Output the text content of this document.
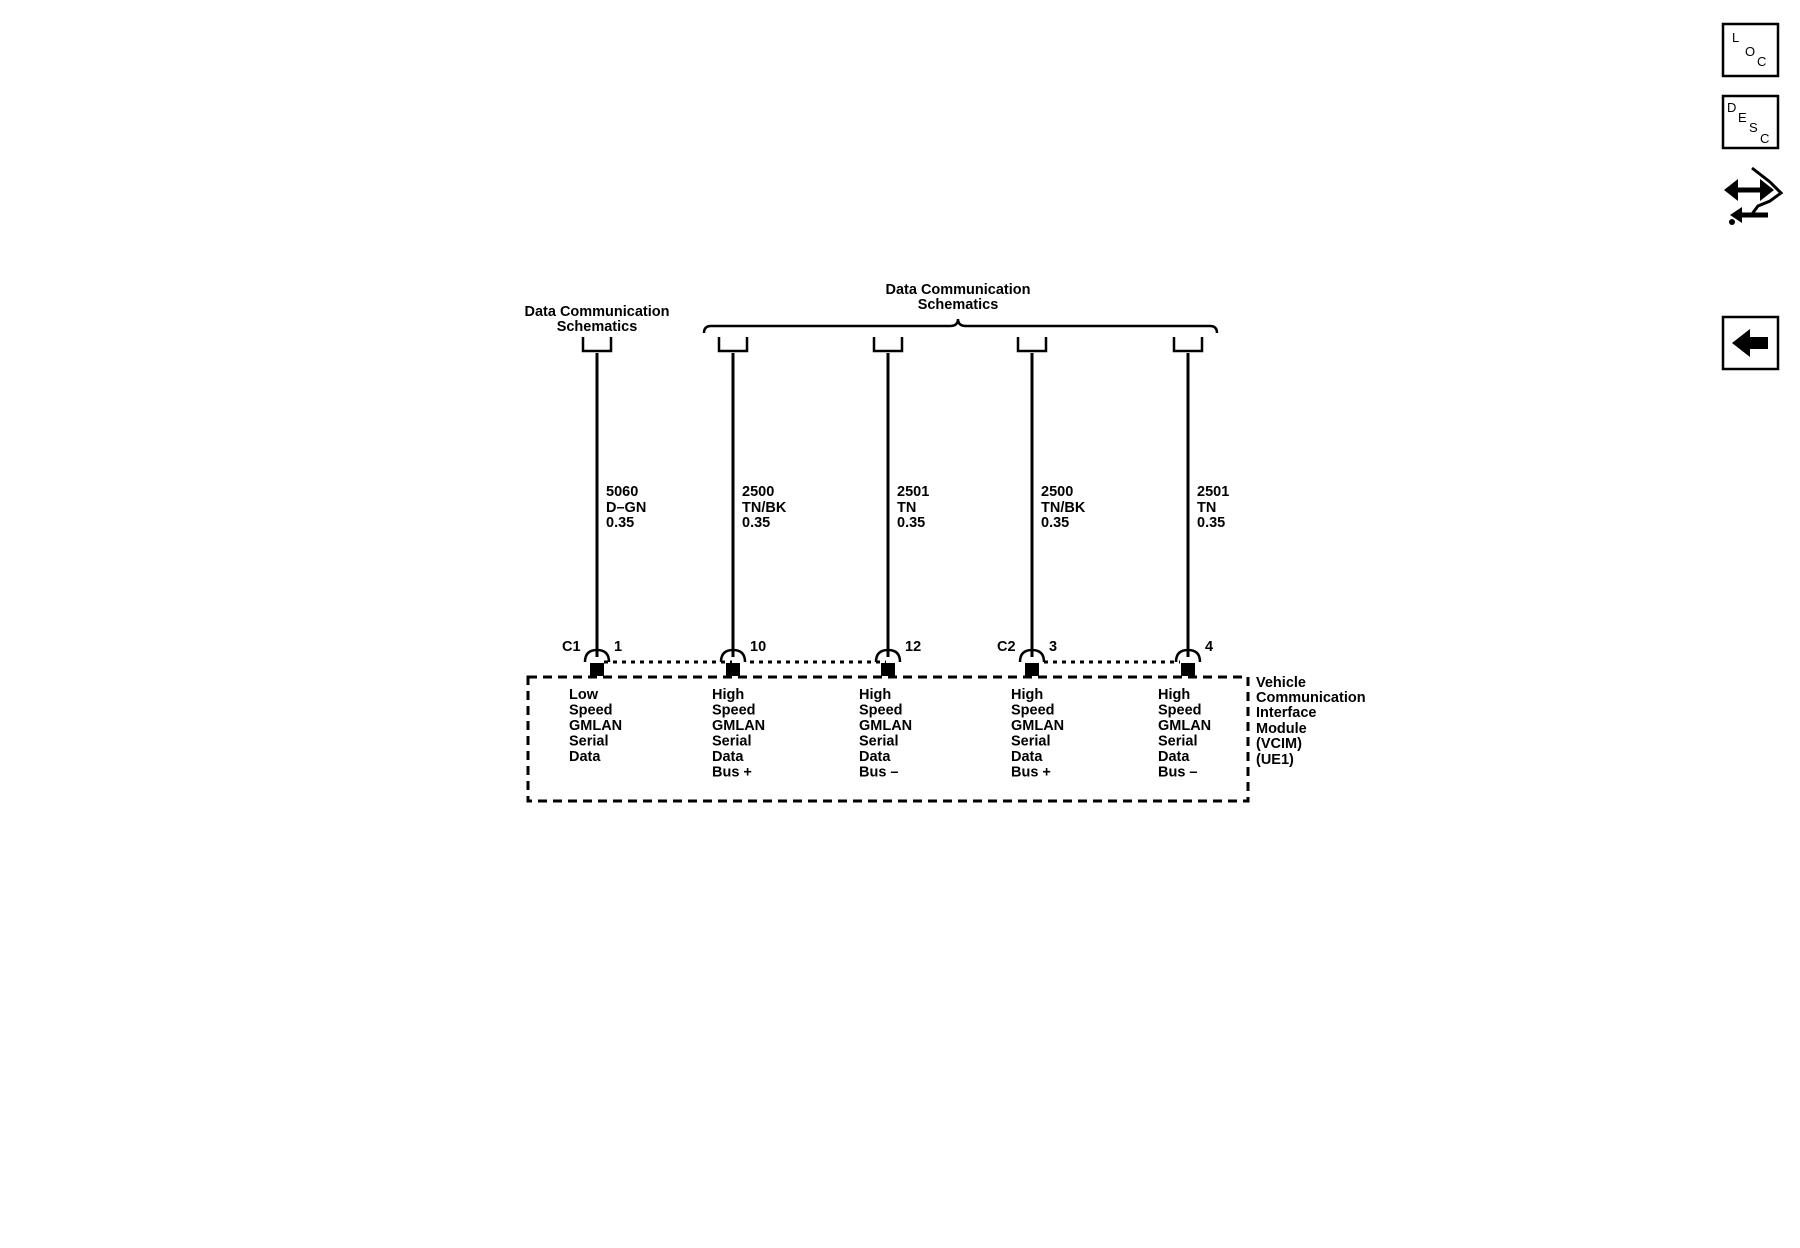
L
O
C
D
E
S
C
Data Communication
Schematics
Data Communication
Schematics
5060
D–GN
0.35
1
Low
Speed
GMLAN
Serial
Data
2500
TN/BK
0.35
10
High
Speed
GMLAN
Serial
Data
Bus +
2501
TN
0.35
12
High
Speed
GMLAN
Serial
Data
Bus –
2500
TN/BK
0.35
3
High
Speed
GMLAN
Serial
Data
Bus +
2501
TN
0.35
4
High
Speed
GMLAN
Serial
Data
Bus –
C1	C2
Vehicle
Communication
Interface
Module
(VCIM)
(UE1)
